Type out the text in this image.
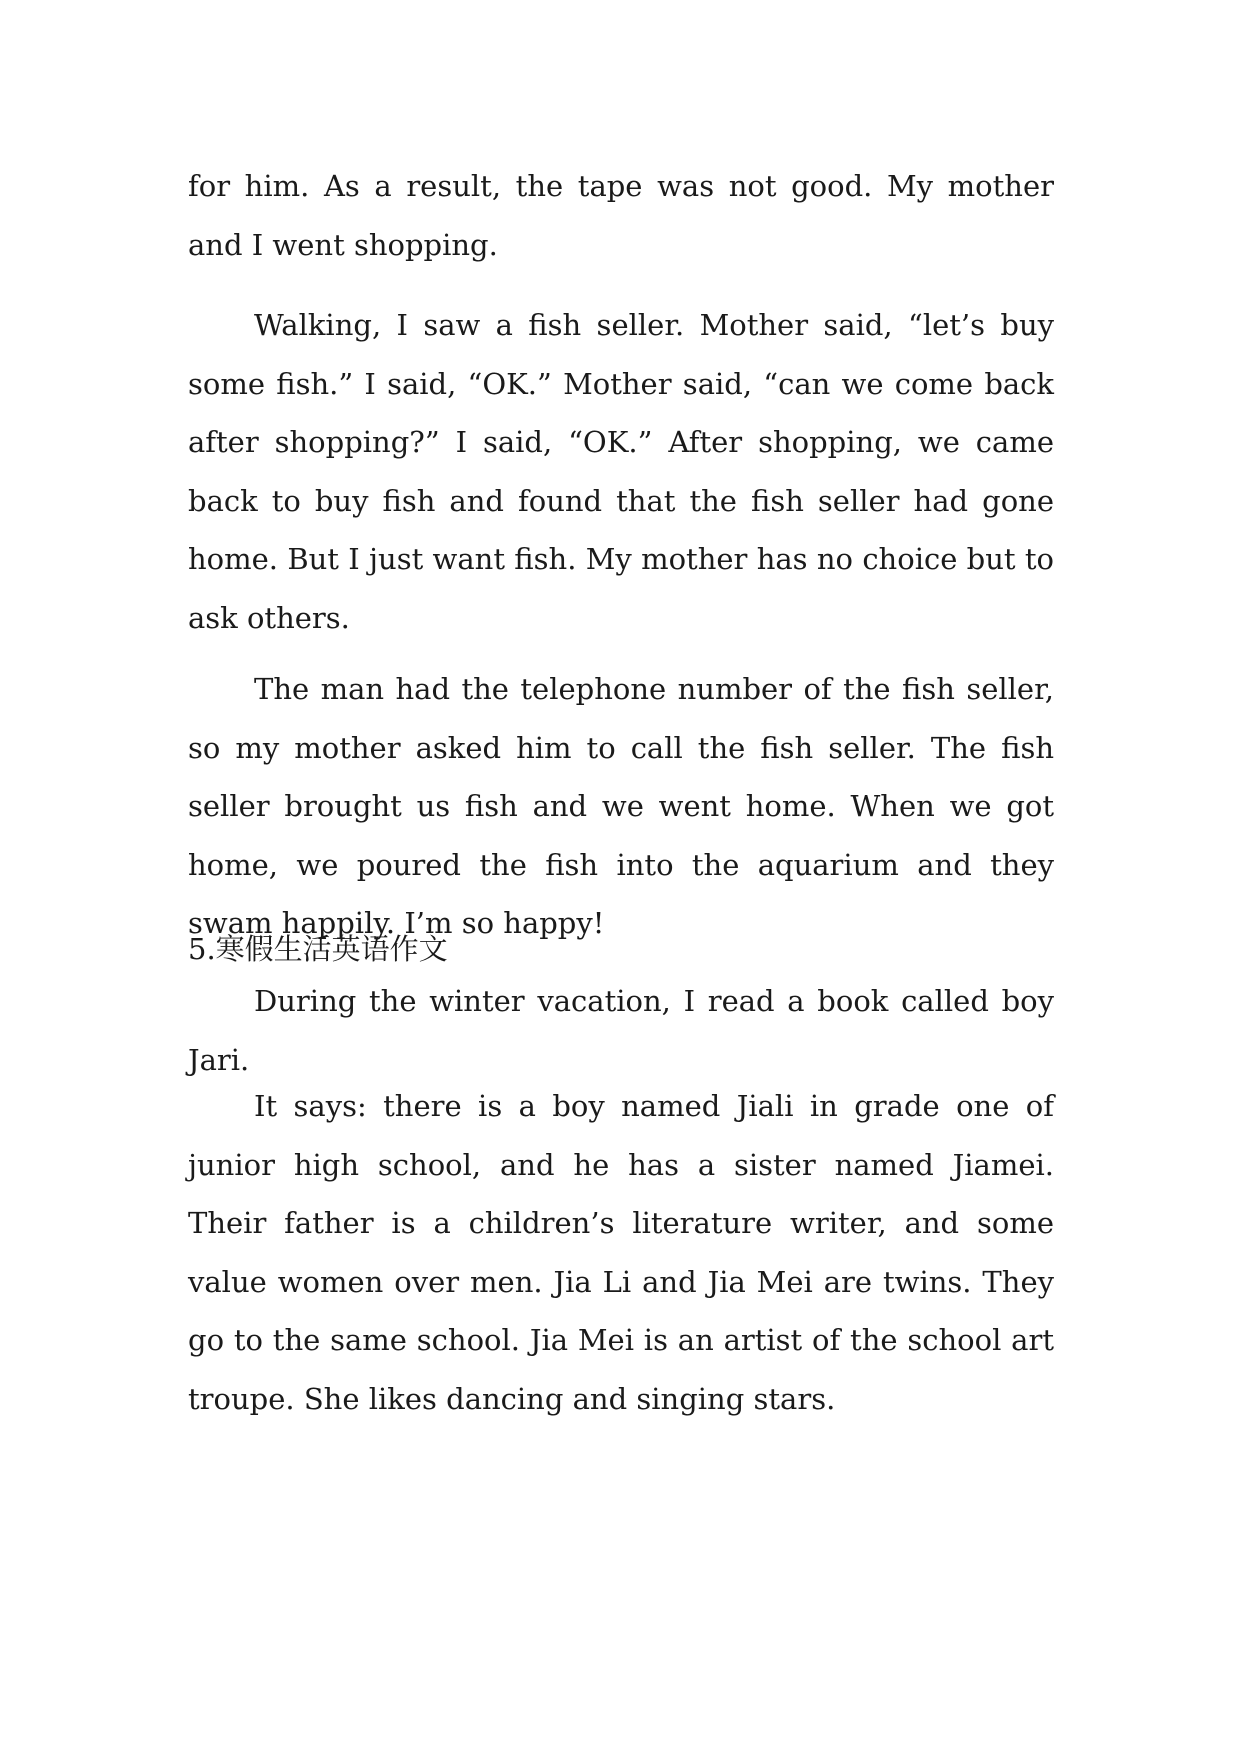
for him. As a result, the tape was not good. My mother and I went shopping.

Walking, I saw a fish seller. Mother said, “let’s buy some fish.” I said, “OK.” Mother said, “can we come back after shopping?” I said, “OK.” After shopping, we came back to buy fish and found that the fish seller had gone home. But I just want fish. My mother has no choice but to ask others.

The man had the telephone number of the fish seller, so my mother asked him to call the fish seller. The fish seller brought us fish and we went home. When we got home, we poured the fish into the aquarium and they swam happily. I’m so happy!

5.寒假生活英语作文

During the winter vacation, I read a book called boy Jari.

It says: there is a boy named Jiali in grade one of junior high school, and he has a sister named Jiamei. Their father is a children’s literature writer, and some value women over men. Jia Li and Jia Mei are twins. They go to the same school. Jia Mei is an artist of the school art troupe. She likes dancing and singing stars.
